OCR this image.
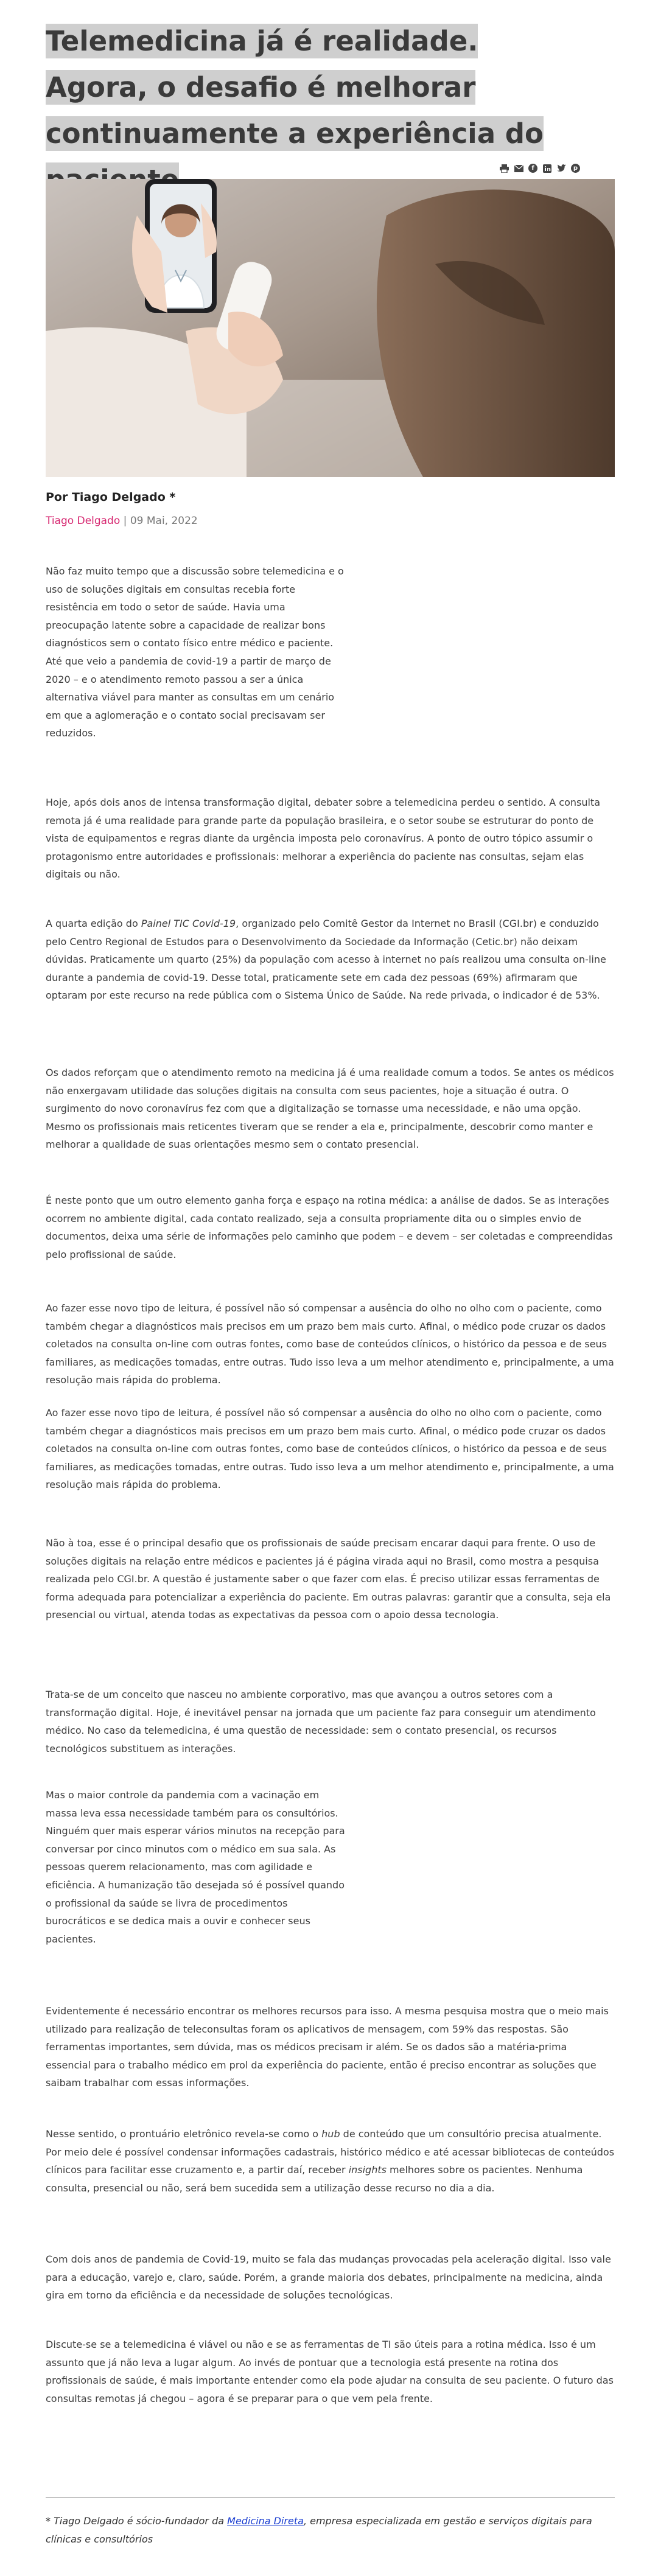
Telemedicina já é realidade. Agora, o desafio é melhorar continuamente a experiência do
f	p
Por Tiago Delgado *
Tiago Delgado | 09 Mai, 2022

Não faz muito tempo que a discussão sobre telemedicina e o uso de soluções digitais em consultas recebia forte resistência em todo o setor de saúde. Havia uma preocupação latente sobre a capacidade de realizar bons diagnósticos sem o contato físico entre médico e paciente. Até que veio a pandemia de covid-19 a partir de março de 2020 – e o atendimento remoto passou a ser a única alternativa viável para manter as consultas em um cenário em que a aglomeração e o contato social precisavam ser reduzidos.

Hoje, após dois anos de intensa transformação digital, debater sobre a telemedicina perdeu o sentido. A consulta remota já é uma realidade para grande parte da população brasileira, e o setor soube se estruturar do ponto de vista de equipamentos e regras diante da urgência imposta pelo coronavírus. A ponto de outro tópico assumir o protagonismo entre autoridades e profissionais: melhorar a experiência do paciente nas consultas, sejam elas digitais ou não.

A quarta edição do Painel TIC Covid-19, organizado pelo Comitê Gestor da Internet no Brasil (CGI.br) e conduzido pelo Centro Regional de Estudos para o Desenvolvimento da Sociedade da Informação (Cetic.br) não deixam dúvidas. Praticamente um quarto (25%) da população com acesso à internet no país realizou uma consulta on-line durante a pandemia de covid-19. Desse total, praticamente sete em cada dez pessoas (69%) afirmaram que optaram por este recurso na rede pública com o Sistema Único de Saúde. Na rede privada, o indicador é de 53%.

Os dados reforçam que o atendimento remoto na medicina já é uma realidade comum a todos. Se antes os médicos não enxergavam utilidade das soluções digitais na consulta com seus pacientes, hoje a situação é outra. O surgimento do novo coronavírus fez com que a digitalização se tornasse uma necessidade, e não uma opção. Mesmo os profissionais mais reticentes tiveram que se render a ela e, principalmente, descobrir como manter e melhorar a qualidade de suas orientações mesmo sem o contato presencial.

É neste ponto que um outro elemento ganha força e espaço na rotina médica: a análise de dados. Se as interações ocorrem no ambiente digital, cada contato realizado, seja a consulta propriamente dita ou o simples envio de documentos, deixa uma série de informações pelo caminho que podem – e devem – ser coletadas e compreendidas pelo profissional de saúde.

Ao fazer esse novo tipo de leitura, é possível não só compensar a ausência do olho no olho com o paciente, como também chegar a diagnósticos mais precisos em um prazo bem mais curto. Afinal, o médico pode cruzar os dados coletados na consulta on-line com outras fontes, como base de conteúdos clínicos, o histórico da pessoa e de seus familiares, as medicações tomadas, entre outras. Tudo isso leva a um melhor atendimento e, principalmente, a uma resolução mais rápida do problema.

Ao fazer esse novo tipo de leitura, é possível não só compensar a ausência do olho no olho com o paciente, como também chegar a diagnósticos mais precisos em um prazo bem mais curto. Afinal, o médico pode cruzar os dados coletados na consulta on-line com outras fontes, como base de conteúdos clínicos, o histórico da pessoa e de seus familiares, as medicações tomadas, entre outras. Tudo isso leva a um melhor atendimento e, principalmente, a uma resolução mais rápida do problema.

Não à toa, esse é o principal desafio que os profissionais de saúde precisam encarar daqui para frente. O uso de soluções digitais na relação entre médicos e pacientes já é página virada aqui no Brasil, como mostra a pesquisa realizada pelo CGI.br. A questão é justamente saber o que fazer com elas. É preciso utilizar essas ferramentas de forma adequada para potencializar a experiência do paciente. Em outras palavras: garantir que a consulta, seja ela presencial ou virtual, atenda todas as expectativas da pessoa com o apoio dessa tecnologia.

Trata-se de um conceito que nasceu no ambiente corporativo, mas que avançou a outros setores com a transformação digital. Hoje, é inevitável pensar na jornada que um paciente faz para conseguir um atendimento médico. No caso da telemedicina, é uma questão de necessidade: sem o contato presencial, os recursos tecnológicos substituem as interações.

Mas o maior controle da pandemia com a vacinação em massa leva essa necessidade também para os consultórios. Ninguém quer mais esperar vários minutos na recepção para conversar por cinco minutos com o médico em sua sala. As pessoas querem relacionamento, mas com agilidade e eficiência. A humanização tão desejada só é possível quando o profissional da saúde se livra de procedimentos burocráticos e se dedica mais a ouvir e conhecer seus pacientes.

Evidentemente é necessário encontrar os melhores recursos para isso. A mesma pesquisa mostra que o meio mais utilizado para realização de teleconsultas foram os aplicativos de mensagem, com 59% das respostas. São ferramentas importantes, sem dúvida, mas os médicos precisam ir além. Se os dados são a matéria-prima essencial para o trabalho médico em prol da experiência do paciente, então é preciso encontrar as soluções que saibam trabalhar com essas informações.

Nesse sentido, o prontuário eletrônico revela-se como o hub de conteúdo que um consultório precisa atualmente. Por meio dele é possível condensar informações cadastrais, histórico médico e até acessar bibliotecas de conteúdos clínicos para facilitar esse cruzamento e, a partir daí, receber insights melhores sobre os pacientes. Nenhuma consulta, presencial ou não, será bem sucedida sem a utilização desse recurso no dia a dia.

Com dois anos de pandemia de Covid-19, muito se fala das mudanças provocadas pela aceleração digital. Isso vale para a educação, varejo e, claro, saúde. Porém, a grande maioria dos debates, principalmente na medicina, ainda gira em torno da eficiência e da necessidade de soluções tecnológicas.

Discute-se se a telemedicina é viável ou não e se as ferramentas de TI são úteis para a rotina médica. Isso é um assunto que já não leva a lugar algum. Ao invés de pontuar que a tecnologia está presente na rotina dos profissionais de saúde, é mais importante entender como ela pode ajudar na consulta de seu paciente. O futuro das consultas remotas já chegou – agora é se preparar para o que vem pela frente.

* Tiago Delgado é sócio-fundador da Medicina Direta, empresa especializada em gestão e serviços digitais para clínicas e consultórios
